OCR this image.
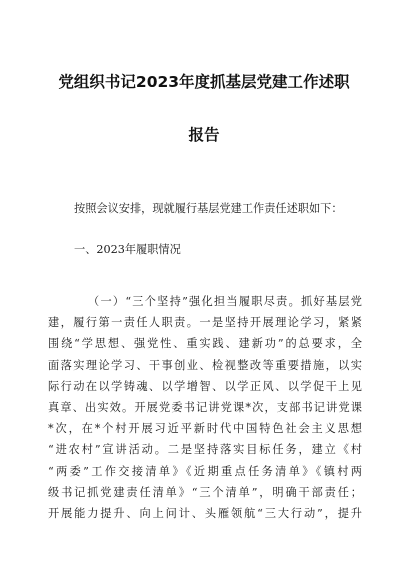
党组织书记2023年度抓基层党建工作述职
报告
按照会议安排，现就履行基层党建工作责任述职如下：
一、2023年履职情况
（一）“三个坚持”强化担当履职尽责。抓好基层党
建，履行第一责任人职责。一是坚持开展理论学习，紧紧
围绕“学思想、强党性、重实践、建新功”的总要求，全
面落实理论学习、干事创业、检视整改等重要措施，以实
际行动在以学铸魂、以学增智、以学正风、以学促干上见
真章、出实效。开展党委书记讲党课*次，支部书记讲党课
*次，在*个村开展习近平新时代中国特色社会主义思想
“进农村”宣讲活动。二是坚持落实目标任务，建立《村
“两委”工作交接清单》《近期重点任务清单》《镇村两
级书记抓党建责任清单》“三个清单”，明确干部责任；
开展能力提升、向上问计、头雁领航“三大行动”，提升
